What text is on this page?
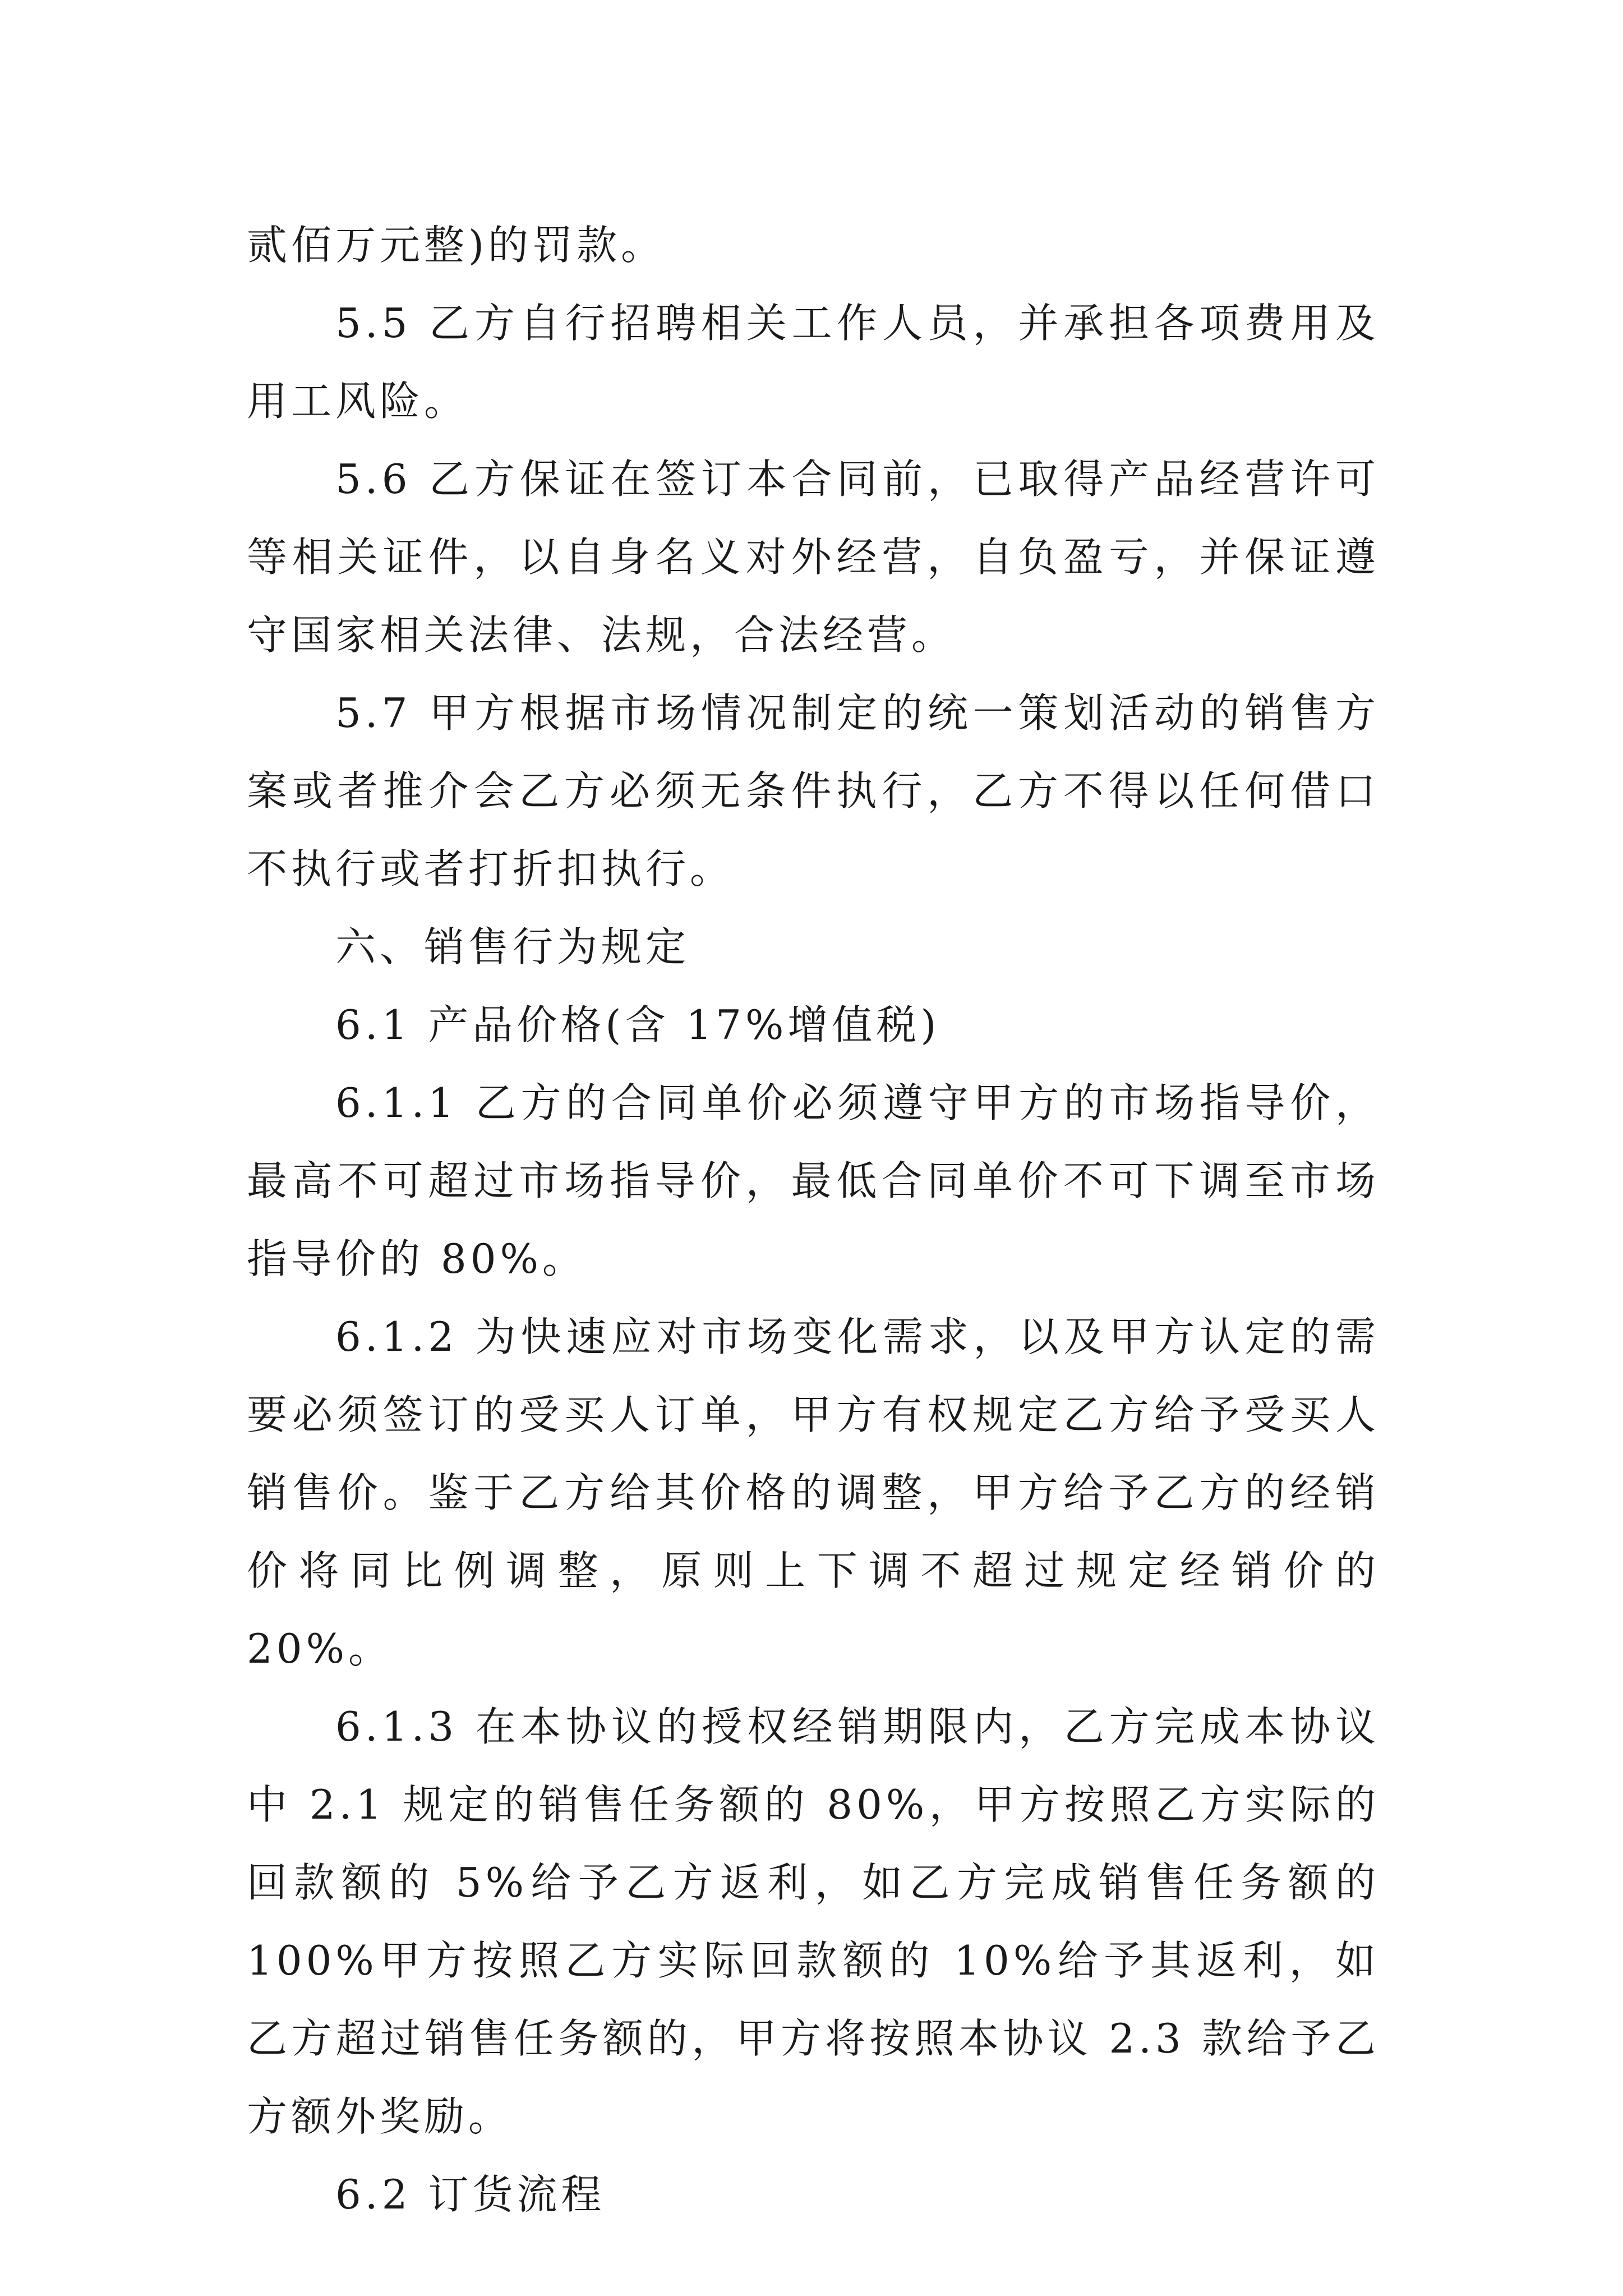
贰佰万元整)的罚款。

5.5 乙方自行招聘相关工作人员，并承担各项费用及用工风险。

5.6 乙方保证在签订本合同前，已取得产品经营许可等相关证件，以自身名义对外经营，自负盈亏，并保证遵守国家相关法律、法规，合法经营。

5.7 甲方根据市场情况制定的统一策划活动的销售方案或者推介会乙方必须无条件执行，乙方不得以任何借口不执行或者打折扣执行。

六、销售行为规定

6.1 产品价格(含 17%增值税)

6.1.1 乙方的合同单价必须遵守甲方的市场指导价，最高不可超过市场指导价，最低合同单价不可下调至市场指导价的 80%。

6.1.2 为快速应对市场变化需求，以及甲方认定的需要必须签订的受买人订单，甲方有权规定乙方给予受买人销售价。鉴于乙方给其价格的调整，甲方给予乙方的经销价将同比例调整，原则上下调不超过规定经销价的 20%。

6.1.3 在本协议的授权经销期限内，乙方完成本协议中 2.1 规定的销售任务额的 80%，甲方按照乙方实际的回款额的 5%给予乙方返利，如乙方完成销售任务额的 100%甲方按照乙方实际回款额的 10%给予其返利，如乙方超过销售任务额的，甲方将按照本协议 2.3 款给予乙方额外奖励。

6.2 订货流程
